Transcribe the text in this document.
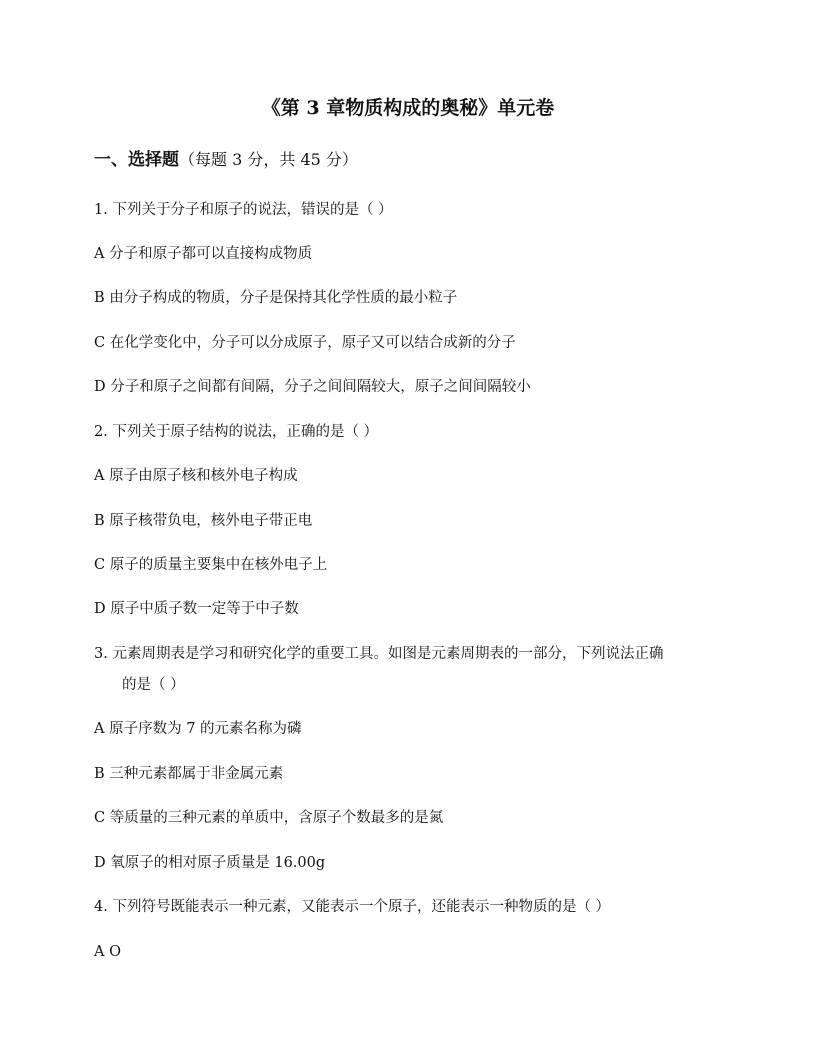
《第 3 章物质构成的奥秘》单元卷
一、选择题（每题 3 分，共 45 分）
1. 下列关于分子和原子的说法，错误的是（ ）
A 分子和原子都可以直接构成物质
B 由分子构成的物质，分子是保持其化学性质的最小粒子
C 在化学变化中，分子可以分成原子，原子又可以结合成新的分子
D 分子和原子之间都有间隔，分子之间间隔较大，原子之间间隔较小
2. 下列关于原子结构的说法，正确的是（ ）
A 原子由原子核和核外电子构成
B 原子核带负电，核外电子带正电
C 原子的质量主要集中在核外电子上
D 原子中质子数一定等于中子数
3. 元素周期表是学习和研究化学的重要工具。如图是元素周期表的一部分，下列说法正确
的是（ ）
A 原子序数为 7 的元素名称为磷
B 三种元素都属于非金属元素
C 等质量的三种元素的单质中，含原子个数最多的是氮
D 氧原子的相对原子质量是 16.00g
4. 下列符号既能表示一种元素，又能表示一个原子，还能表示一种物质的是（ ）
A O
